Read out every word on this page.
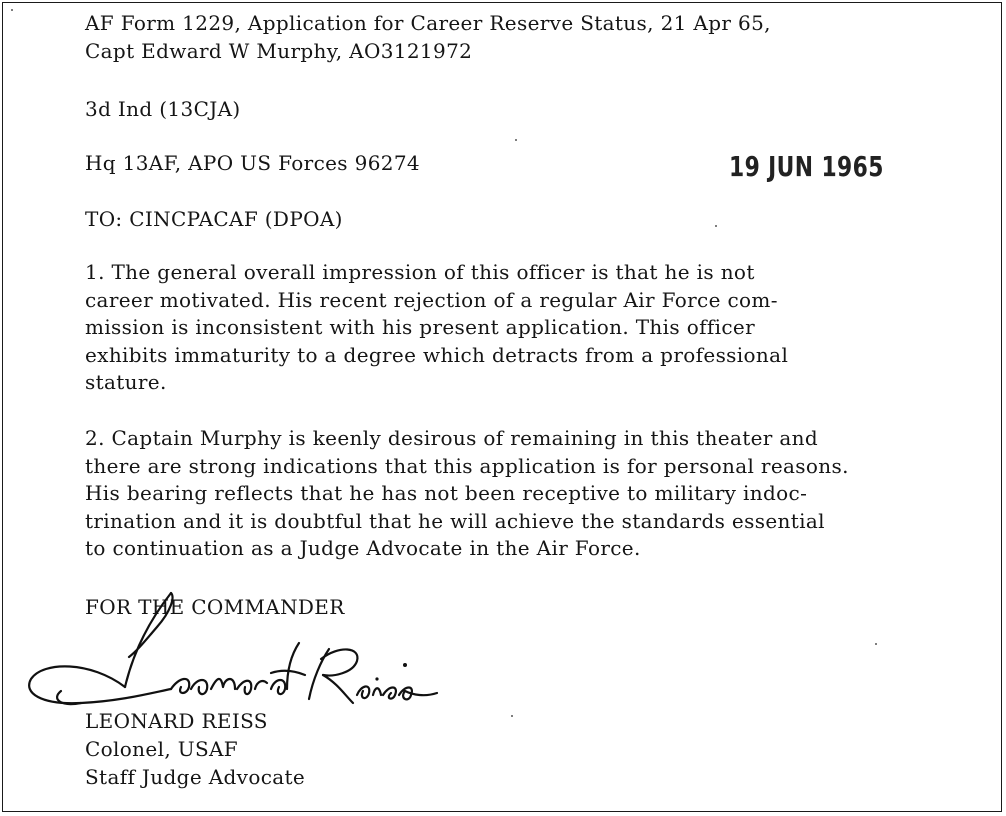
AF Form 1229, Application for Career Reserve Status, 21 Apr 65,
Capt Edward W Murphy, AO3121972
3d Ind (13CJA)
Hq 13AF, APO US Forces 96274	19 JUN 1965
TO: CINCPACAF (DPOA)
1. The general overall impression of this officer is that he is not
career motivated. His recent rejection of a regular Air Force com-
mission is inconsistent with his present application. This officer
exhibits immaturity to a degree which detracts from a professional
stature.
2. Captain Murphy is keenly desirous of remaining in this theater and
there are strong indications that this application is for personal reasons.
His bearing reflects that he has not been receptive to military indoc-
trination and it is doubtful that he will achieve the standards essential
to continuation as a Judge Advocate in the Air Force.
FOR THE COMMANDER
LEONARD REISS
Colonel, USAF
Staff Judge Advocate
